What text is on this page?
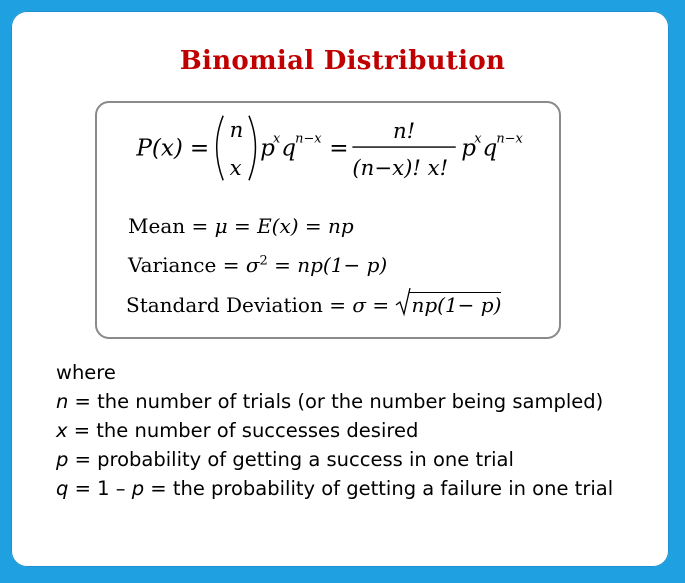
Binomial Distribution
P(x) =
n
x
p
x q n−x =
n!
(n−x)! x!
p
x q n−x
Mean = μ = E(x) = np
Variance = $\sigma^2 = np(1- p)$
Standard Deviation = σ = np(1− p)
where
n = the number of trials (or the number being sampled)
x = the number of successes desired
p = probability of getting a success in one trial
q = 1 – p = the probability of getting a failure in one trial
